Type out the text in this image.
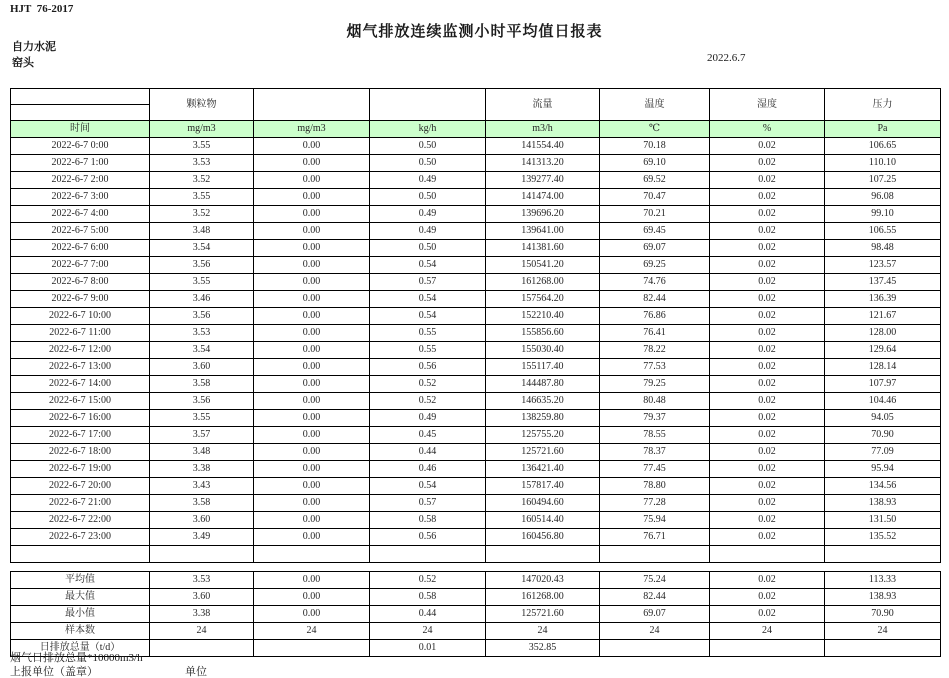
HJT  76-2017
烟气排放连续监测小时平均值日报表
自力水泥
窑头	2022.6.7
	颗粒物			流量	温度	湿度	压力

时间	mg/m3	mg/m3	kg/h	m3/h	℃	%	Pa
2022-6-7 0:00	3.55	0.00	0.50	141554.40	70.18	0.02	106.65
2022-6-7 1:00	3.53	0.00	0.50	141313.20	69.10	0.02	110.10
2022-6-7 2:00	3.52	0.00	0.49	139277.40	69.52	0.02	107.25
2022-6-7 3:00	3.55	0.00	0.50	141474.00	70.47	0.02	96.08
2022-6-7 4:00	3.52	0.00	0.49	139696.20	70.21	0.02	99.10
2022-6-7 5:00	3.48	0.00	0.49	139641.00	69.45	0.02	106.55
2022-6-7 6:00	3.54	0.00	0.50	141381.60	69.07	0.02	98.48
2022-6-7 7:00	3.56	0.00	0.54	150541.20	69.25	0.02	123.57
2022-6-7 8:00	3.55	0.00	0.57	161268.00	74.76	0.02	137.45
2022-6-7 9:00	3.46	0.00	0.54	157564.20	82.44	0.02	136.39
2022-6-7 10:00	3.56	0.00	0.54	152210.40	76.86	0.02	121.67
2022-6-7 11:00	3.53	0.00	0.55	155856.60	76.41	0.02	128.00
2022-6-7 12:00	3.54	0.00	0.55	155030.40	78.22	0.02	129.64
2022-6-7 13:00	3.60	0.00	0.56	155117.40	77.53	0.02	128.14
2022-6-7 14:00	3.58	0.00	0.52	144487.80	79.25	0.02	107.97
2022-6-7 15:00	3.56	0.00	0.52	146635.20	80.48	0.02	104.46
2022-6-7 16:00	3.55	0.00	0.49	138259.80	79.37	0.02	94.05
2022-6-7 17:00	3.57	0.00	0.45	125755.20	78.55	0.02	70.90
2022-6-7 18:00	3.48	0.00	0.44	125721.60	78.37	0.02	77.09
2022-6-7 19:00	3.38	0.00	0.46	136421.40	77.45	0.02	95.94
2022-6-7 20:00	3.43	0.00	0.54	157817.40	78.80	0.02	134.56
2022-6-7 21:00	3.58	0.00	0.57	160494.60	77.28	0.02	138.93
2022-6-7 22:00	3.60	0.00	0.58	160514.40	75.94	0.02	131.50
2022-6-7 23:00	3.49	0.00	0.56	160456.80	76.71	0.02	135.52

平均值	3.53	0.00	0.52	147020.43	75.24	0.02	113.33
最大值	3.60	0.00	0.58	161268.00	82.44	0.02	138.93
最小值	3.38	0.00	0.44	125721.60	69.07	0.02	70.90
样本数	24	24	24	24	24	24	24
日排放总量（t/d）			0.01	352.85			
烟气日排放总量*10000m3/h
上报单位（盖章）	单位
